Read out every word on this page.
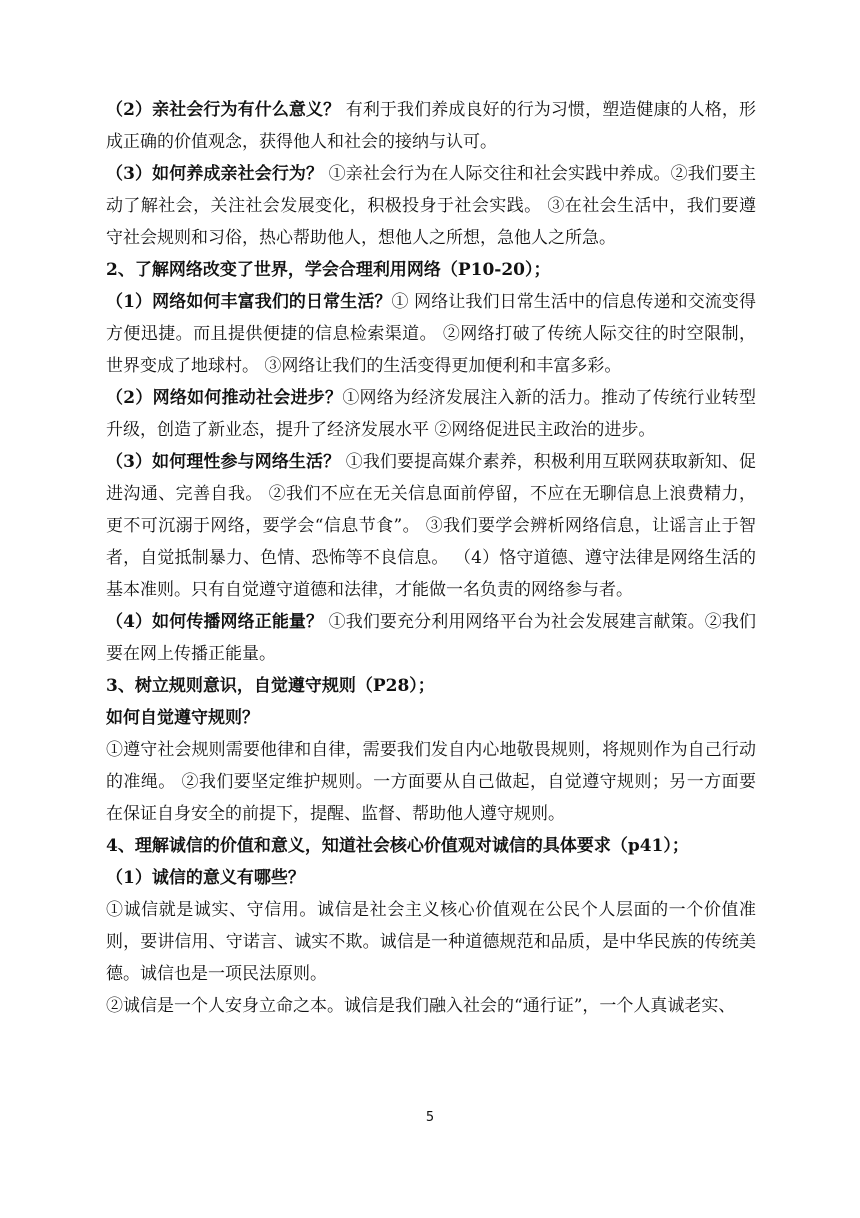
（2）亲社会行为有什么意义？ 有利于我们养成良好的行为习惯，塑造健康的人格，形成正确的价值观念，获得他人和社会的接纳与认可。

（3）如何养成亲社会行为？ ①亲社会行为在人际交往和社会实践中养成。②我们要主动了解社会，关注社会发展变化，积极投身于社会实践。 ③在社会生活中，我们要遵守社会规则和习俗，热心帮助他人，想他人之所想，急他人之所急。

2、了解网络改变了世界，学会合理利用网络（P10-20）；

（1）网络如何丰富我们的日常生活？① 网络让我们日常生活中的信息传递和交流变得方便迅捷。而且提供便捷的信息检索渠道。 ②网络打破了传统人际交往的时空限制，世界变成了地球村。 ③网络让我们的生活变得更加便利和丰富多彩。

（2）网络如何推动社会进步？①网络为经济发展注入新的活力。推动了传统行业转型升级，创造了新业态，提升了经济发展水平 ②网络促进民主政治的进步。

（3）如何理性参与网络生活？ ①我们要提高媒介素养，积极利用互联网获取新知、促进沟通、完善自我。 ②我们不应在无关信息面前停留，不应在无聊信息上浪费精力，更不可沉溺于网络，要学会“信息节食”。 ③我们要学会辨析网络信息，让谣言止于智者，自觉抵制暴力、色情、恐怖等不良信息。 （4）恪守道德、遵守法律是网络生活的基本准则。只有自觉遵守道德和法律，才能做一名负责的网络参与者。

（4）如何传播网络正能量？ ①我们要充分利用网络平台为社会发展建言献策。②我们要在网上传播正能量。

3、树立规则意识，自觉遵守规则（P28）；

如何自觉遵守规则？

①遵守社会规则需要他律和自律，需要我们发自内心地敬畏规则，将规则作为自己行动的准绳。 ②我们要坚定维护规则。一方面要从自己做起，自觉遵守规则；另一方面要在保证自身安全的前提下，提醒、监督、帮助他人遵守规则。

4、理解诚信的价值和意义，知道社会核心价值观对诚信的具体要求（p41）；

（1）诚信的意义有哪些？

①诚信就是诚实、守信用。诚信是社会主义核心价值观在公民个人层面的一个价值准则，要讲信用、守诺言、诚实不欺。诚信是一种道德规范和品质，是中华民族的传统美德。诚信也是一项民法原则。

②诚信是一个人安身立命之本。诚信是我们融入社会的“通行证”，一个人真诚老实、

5
